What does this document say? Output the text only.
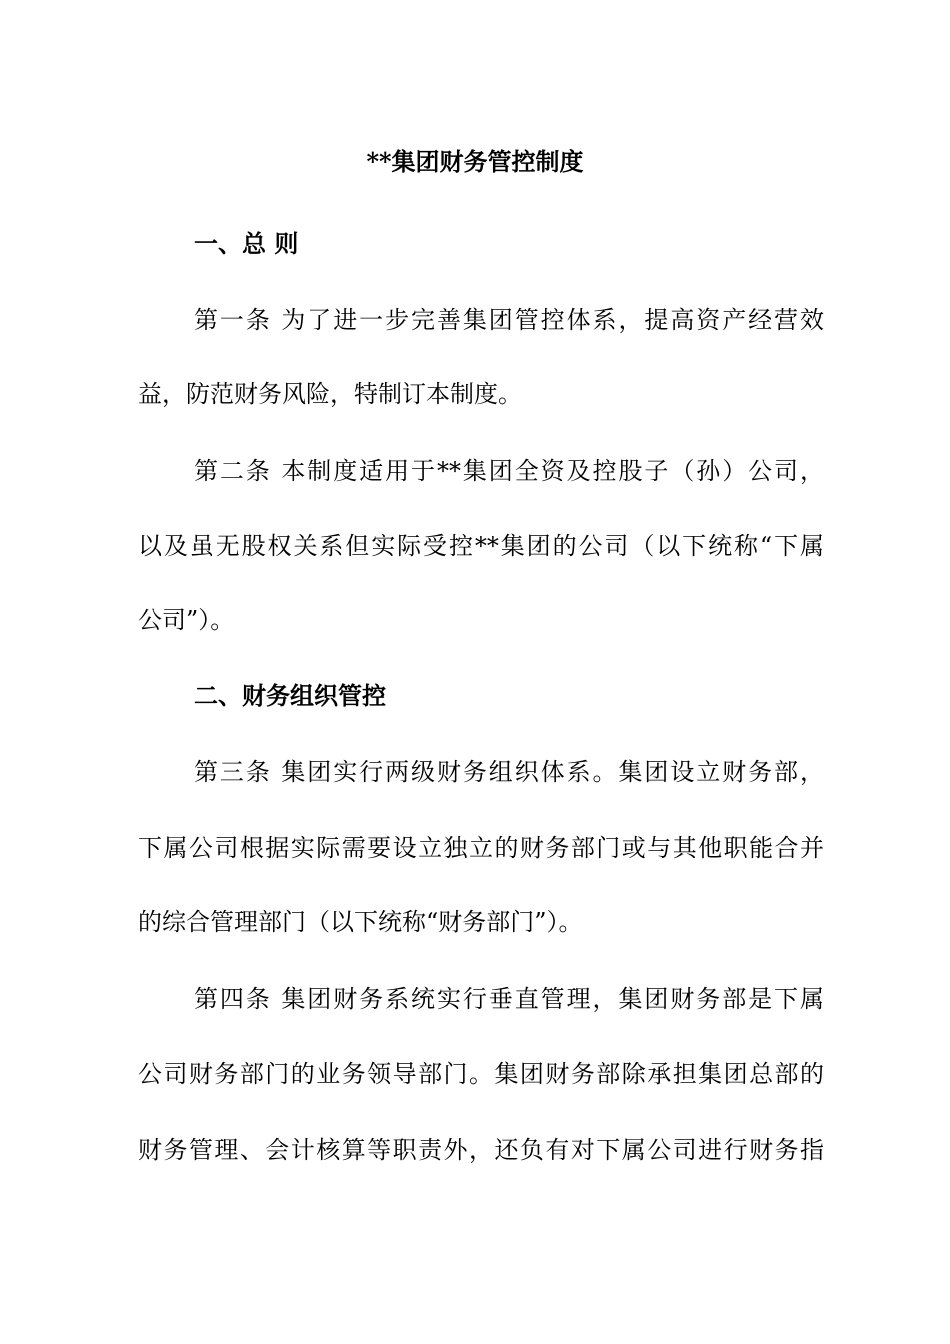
**集团财务管控制度
一、总 则
第一条 为了进一步完善集团管控体系，提高资产经营效
益，防范财务风险，特制订本制度。
第二条 本制度适用于**集团全资及控股子（孙）公司，
以及虽无股权关系但实际受控**集团的公司（以下统称“下属
公司”）。
二、财务组织管控
第三条 集团实行两级财务组织体系。集团设立财务部，
下属公司根据实际需要设立独立的财务部门或与其他职能合并
的综合管理部门（以下统称“财务部门”）。
第四条 集团财务系统实行垂直管理，集团财务部是下属
公司财务部门的业务领导部门。集团财务部除承担集团总部的
财务管理、会计核算等职责外，还负有对下属公司进行财务指
